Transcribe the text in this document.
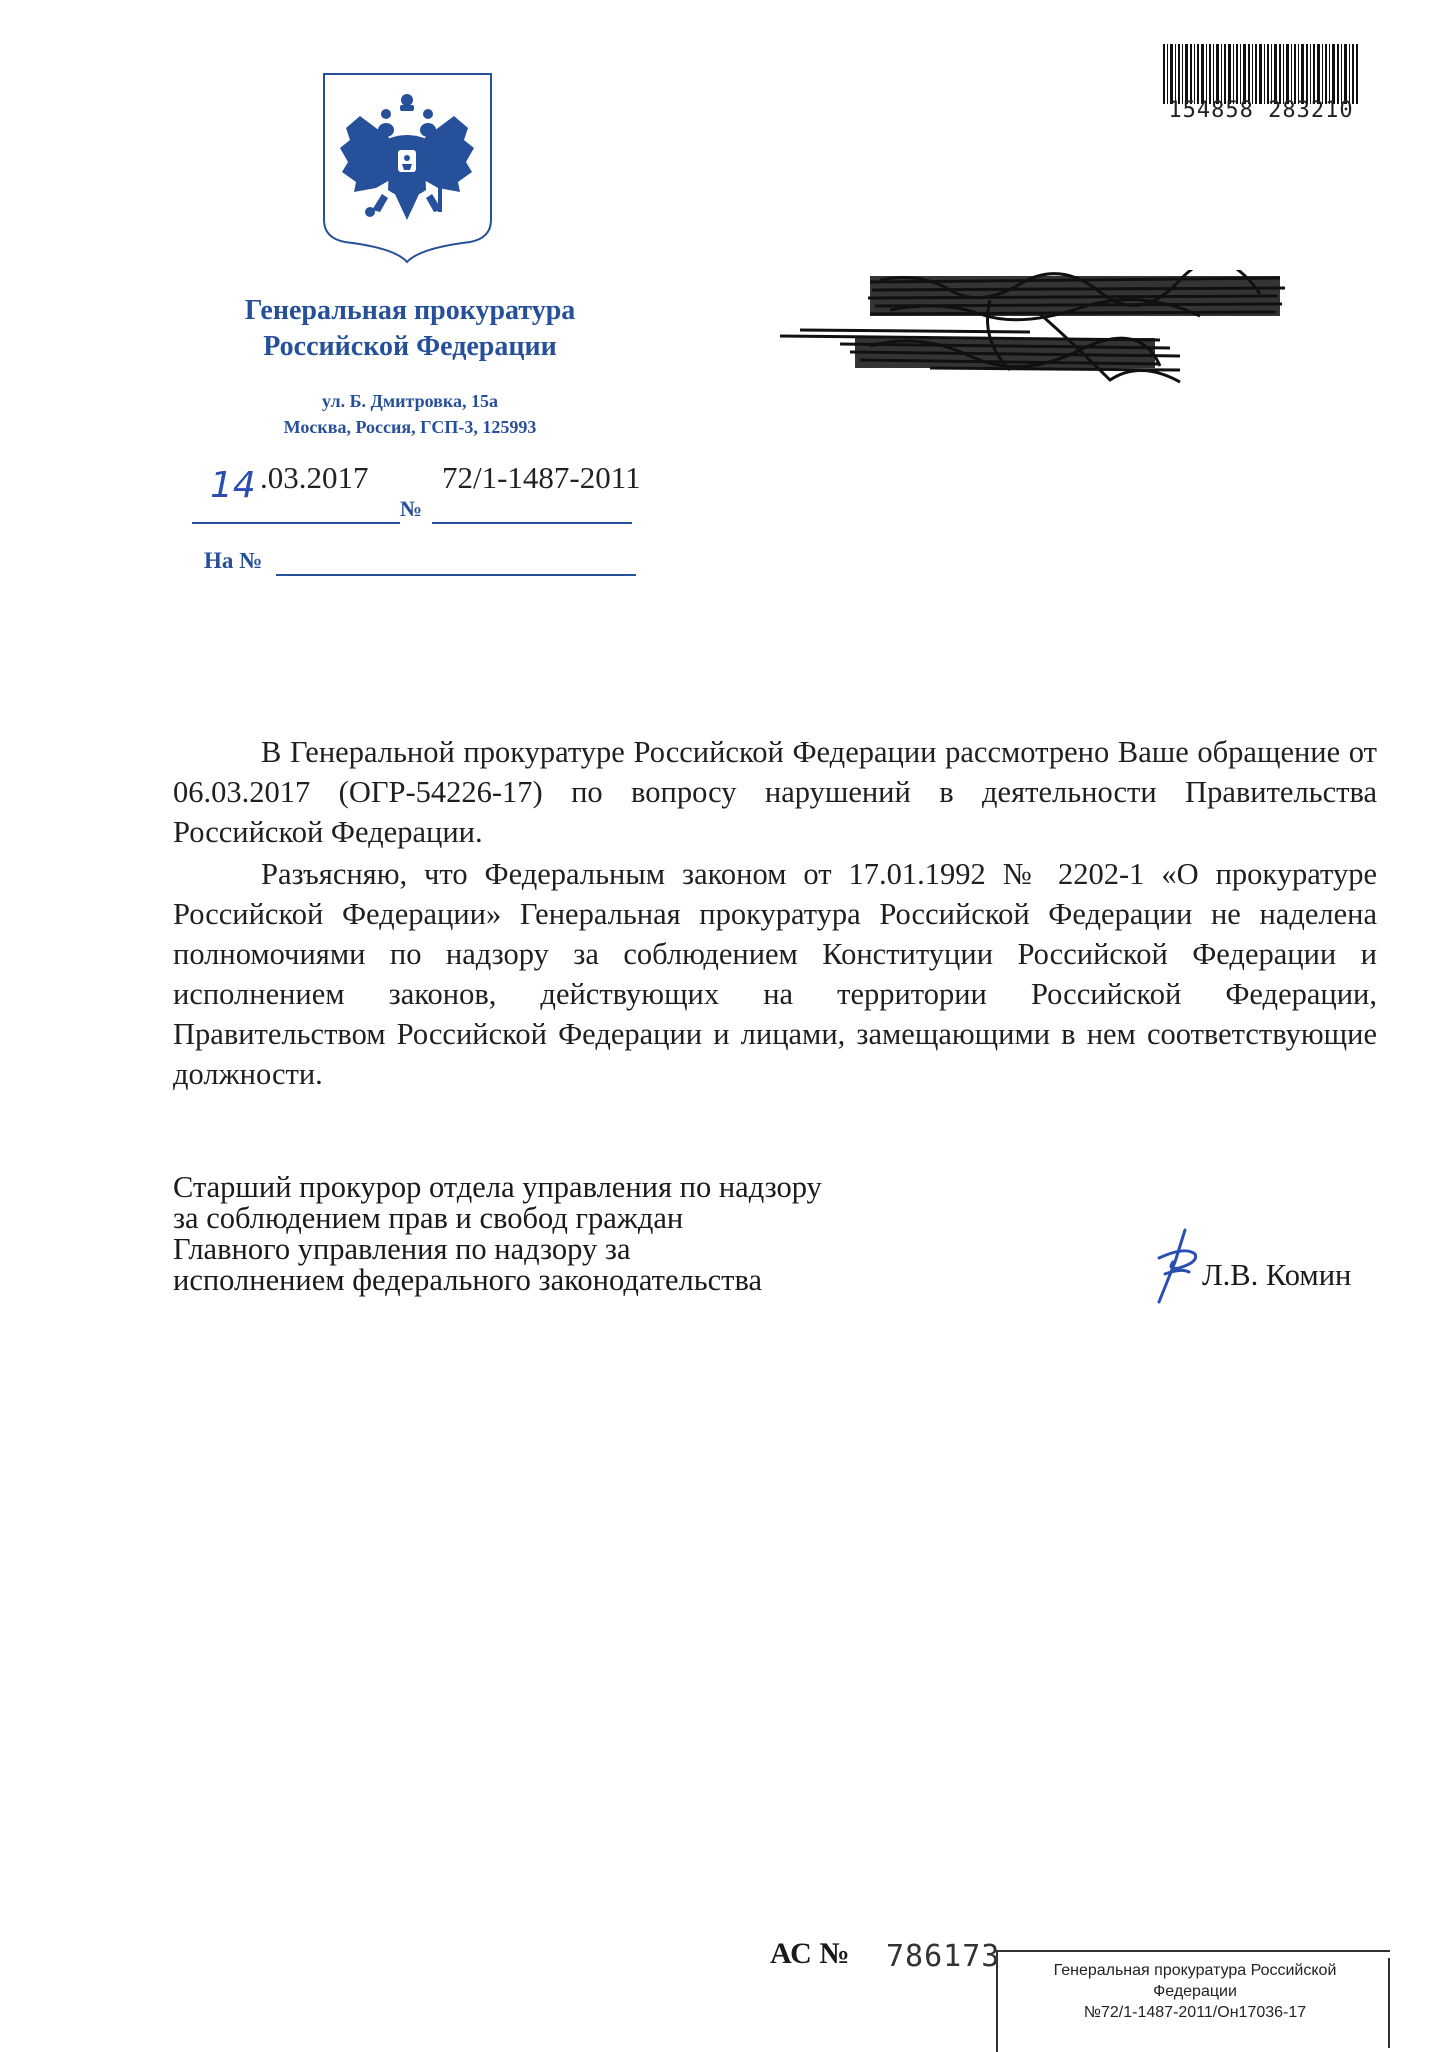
154858 283210
Генеральная прокуратура
Российской Федерации
ул. Б. Дмитровка, 15а
Москва, Россия, ГСП-3, 125993
14 .03.2017 72/1-1487-2011
№
На №

В Генеральной прокуратуре Российской Федерации рассмотрено Ваше обращение от 06.03.2017 (ОГР-54226-17) по вопросу нарушений в деятельности Правительства Российской Федерации.

Разъясняю, что Федеральным законом от 17.01.1992 № 2202-1 «О прокуратуре Российской Федерации» Генеральная прокуратура Российской Федерации не наделена полномочиями по надзору за соблюдением Конституции Российской Федерации и исполнением законов, действующих на территории Российской Федерации, Правительством Российской Федерации и лицами, замещающими в нем соответствующие должности.

Старший прокурор отдела управления по надзору
за соблюдением прав и свобод граждан
Главного управления по надзору за
исполнением федерального законодательства	Л.В. Комин
АС № 786173	Генеральная прокуратура Российской
Федерации
№72/1-1487-2011/Он17036-17
